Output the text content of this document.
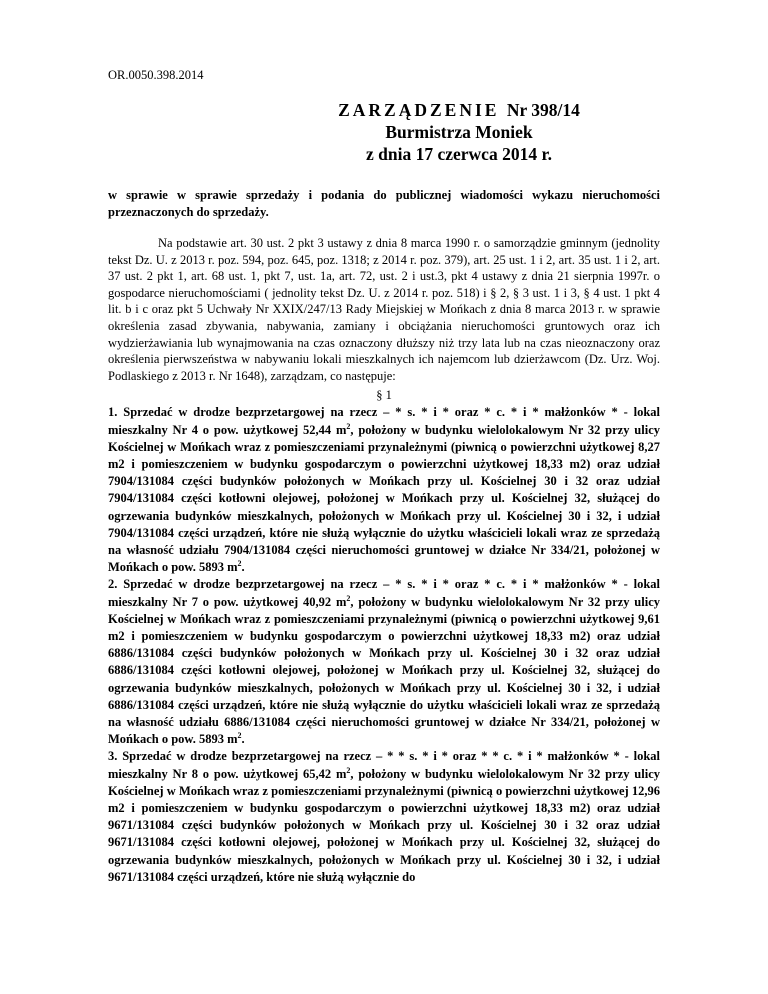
OR.0050.398.2014
ZARZĄDZENIE Nr 398/14
Burmistrza Moniek
z dnia 17 czerwca 2014 r.

w sprawie w sprawie sprzedaży i podania do publicznej wiadomości wykazu nieruchomości przeznaczonych do sprzedaży.

Na podstawie art. 30 ust. 2 pkt 3 ustawy z dnia 8 marca 1990 r. o samorządzie gminnym (jednolity tekst Dz. U. z 2013 r. poz. 594, poz. 645, poz. 1318; z 2014 r. poz. 379), art. 25 ust. 1 i 2, art. 35 ust. 1 i 2, art. 37 ust. 2 pkt 1, art. 68 ust. 1, pkt 7, ust. 1a, art. 72, ust. 2 i ust.3, pkt 4 ustawy z dnia 21 sierpnia 1997r. o gospodarce nieruchomościami ( jednolity tekst Dz. U. z 2014 r. poz. 518) i § 2, § 3 ust. 1 i 3, § 4 ust. 1 pkt 4 lit. b i c oraz pkt 5 Uchwały Nr XXIX/247/13 Rady Miejskiej w Mońkach z dnia 8 marca 2013 r. w sprawie określenia zasad zbywania, nabywania, zamiany i obciążania nieruchomości gruntowych oraz ich wydzierżawiania lub wynajmowania na czas oznaczony dłuższy niż trzy lata lub na czas nieoznaczony oraz określenia pierwszeństwa w nabywaniu lokali mieszkalnych ich najemcom lub dzierżawcom (Dz. Urz. Woj. Podlaskiego z 2013 r. Nr 1648), zarządzam, co następuje:

§ 1

1. Sprzedać w drodze bezprzetargowej na rzecz – * s. * i * oraz * c. * i * małżonków * - lokal mieszkalny Nr 4 o pow. użytkowej 52,44 $m^2$, położony w budynku wielolokalowym Nr 32 przy ulicy Kościelnej w Mońkach wraz z pomieszczeniami przynależnymi (piwnicą o powierzchni użytkowej 8,27 m2 i pomieszczeniem w budynku gospodarczym o powierzchni użytkowej 18,33 m2) oraz udział 7904/131084 części budynków położonych w Mońkach przy ul. Kościelnej 30 i 32 oraz udział 7904/131084 części kotłowni olejowej, położonej w Mońkach przy ul. Kościelnej 32, służącej do ogrzewania budynków mieszkalnych, położonych w Mońkach przy ul. Kościelnej 30 i 32, i udział 7904/131084 części urządzeń, które nie służą wyłącznie do użytku właścicieli lokali wraz ze sprzedażą na własność udziału 7904/131084 części nieruchomości gruntowej w działce Nr 334/21, położonej w Mońkach o pow. 5893 $m^2$.

2. Sprzedać w drodze bezprzetargowej na rzecz – * s. * i * oraz * c. * i * małżonków * - lokal mieszkalny Nr 7 o pow. użytkowej 40,92 $m^2$, położony w budynku wielolokalowym Nr 32 przy ulicy Kościelnej w Mońkach wraz z pomieszczeniami przynależnymi (piwnicą o powierzchni użytkowej 9,61 m2 i pomieszczeniem w budynku gospodarczym o powierzchni użytkowej 18,33 m2) oraz udział 6886/131084 części budynków położonych w Mońkach przy ul. Kościelnej 30 i 32 oraz udział 6886/131084 części kotłowni olejowej, położonej w Mońkach przy ul. Kościelnej 32, służącej do ogrzewania budynków mieszkalnych, położonych w Mońkach przy ul. Kościelnej 30 i 32, i udział 6886/131084 części urządzeń, które nie służą wyłącznie do użytku właścicieli lokali wraz ze sprzedażą na własność udziału 6886/131084 części nieruchomości gruntowej w działce Nr 334/21, położonej w Mońkach o pow. 5893 $m^2$.

3. Sprzedać w drodze bezprzetargowej na rzecz – * * s. * i * oraz * * c. * i * małżonków * - lokal mieszkalny Nr 8 o pow. użytkowej 65,42 $m^2$, położony w budynku wielolokalowym Nr 32 przy ulicy Kościelnej w Mońkach wraz z pomieszczeniami przynależnymi (piwnicą o powierzchni użytkowej 12,96 m2 i pomieszczeniem w budynku gospodarczym o powierzchni użytkowej 18,33 m2) oraz udział 9671/131084 części budynków położonych w Mońkach przy ul. Kościelnej 30 i 32 oraz udział 9671/131084 części kotłowni olejowej, położonej w Mońkach przy ul. Kościelnej 32, służącej do ogrzewania budynków mieszkalnych, położonych w Mońkach przy ul. Kościelnej 30 i 32, i udział 9671/131084 części urządzeń, które nie służą wyłącznie do
